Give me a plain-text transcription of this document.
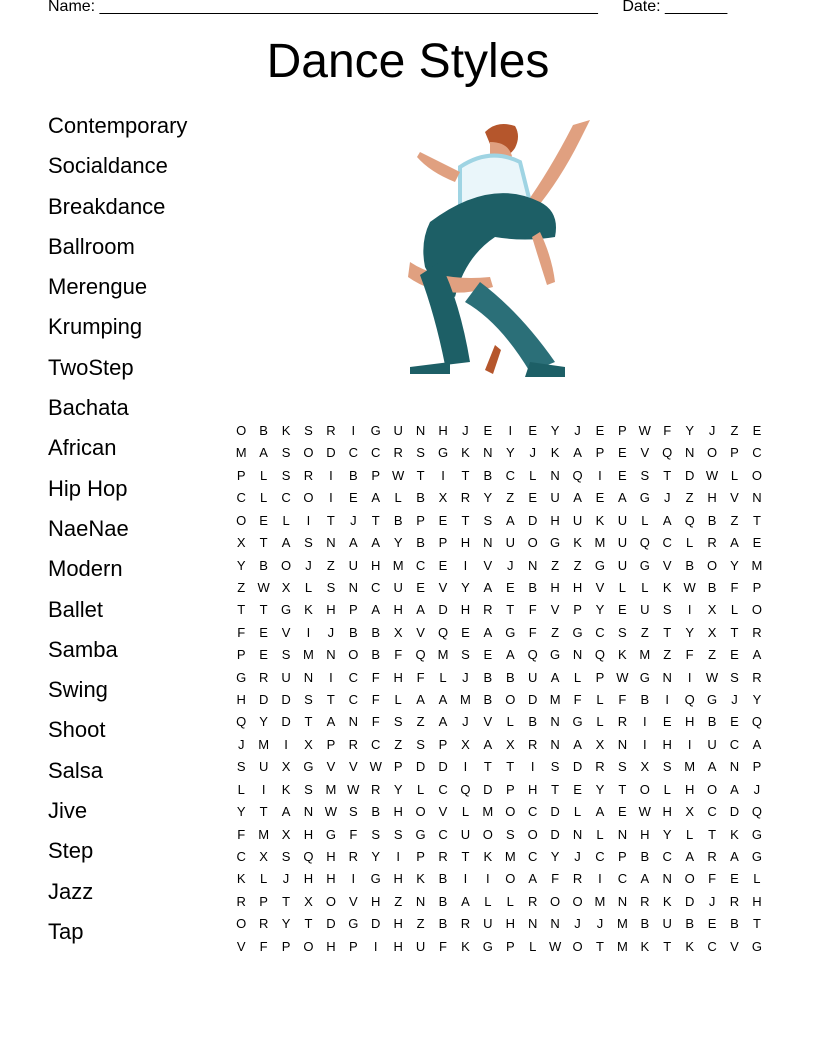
Name: ________________________________________________________ Date: _______
Dance Styles
Contemporary
Socialdance
Breakdance
Ballroom
Merengue
Krumping
TwoStep
Bachata
African
Hip Hop
NaeNae
Modern
Ballet
Samba
Swing
Shoot
Salsa
Jive
Step
Jazz
Tap
O	B	K	S	R	I	G U	N	H	J	E	I	E	Y	J	E	P W F	Y	J	Z	E
M A	S	O D	C	C	R	S	G	K	N	Y	J	K	A	P	E	V	Q N O	P	C
P	L	S	R	I	B	P W T	I	T	B	C	L	N Q	I	E	S	T	D W L	O
C	L	C O	I	E	A	L	B	X	R	Y	Z	E	U	A	E	A	G	J	Z	H	V	N
O	E	L	I	T	J	T	B	P	E	T	S	A	D	H	U	K	U	L	A	Q	B	Z	T
X	T	A	S	N	A	A	Y	B	P	H	N	U O G	K M U Q C	L	R	A	E
Y	B	O	J	Z	U	H M C	E	I	V	J	N	Z	Z	G U G	V	B	O	Y M
Z W X	L	S	N	C	U	E	V	Y	A	E	B	H	H	V	L	L	K W B	F	P
T	T	G	K	H	P	A	H	A	D	H	R	T	F	V	P	Y	E	U	S	I	X	L	O
F	E	V	I	J	B	B	X	V	Q	E	A	G	F	Z	G C	S	Z	T	Y	X	T	R
P	E	S M N O	B	F	Q M S	E	A	Q G N Q	K M	Z	F	Z	E	A
G R	U	N	I	C	F	H	F	L	J	B	B	U	A	L	P W G N	I	W S	R
H	D	D	S	T	C	F	L	A	A M B	O D M	F	L	F	B	I	Q G	J	Y
Q	Y	D	T	A	N	F	S	Z	A	J	V	L	B	N G	L	R	I	E	H	B	E	Q
J	M	I	X	P	R	C	Z	S	P	X	A	X	R	N	A	X	N	I	H	I	U	C	A
S	U	X	G	V	V W P	D	D	I	T	T	I	S	D	R	S	X	S M A	N	P
L	I	K	S M W R	Y	L	C Q D	P	H	T	E	Y	T	O	L	H O	A	J
Y	T	A	N W S	B	H O	V	L	M O C	D	L	A	E W H	X	C	D Q
F	M X	H G	F	S	S	G C	U O	S	O D	N	L	N	H	Y	L	T	K	G
C	X	S	Q H	R	Y	I	P	R	T	K M C	Y	J	C	P	B	C	A	R	A	G
K	L	J	H	H	I	G H	K	B	I	I	O	A	F	R	I	C	A	N O	F	E	L
R	P	T	X	O	V	H	Z	N	B	A	L	L	R O O M N	R	K	D	J	R	H
O R	Y	T	D G D	H	Z	B	R	U	H	N	N	J	J	M B	U	B	E	B	T
V	F	P	O H	P	I	H	U	F	K	G	P	L W O	T	M K	T	K	C	V	G
